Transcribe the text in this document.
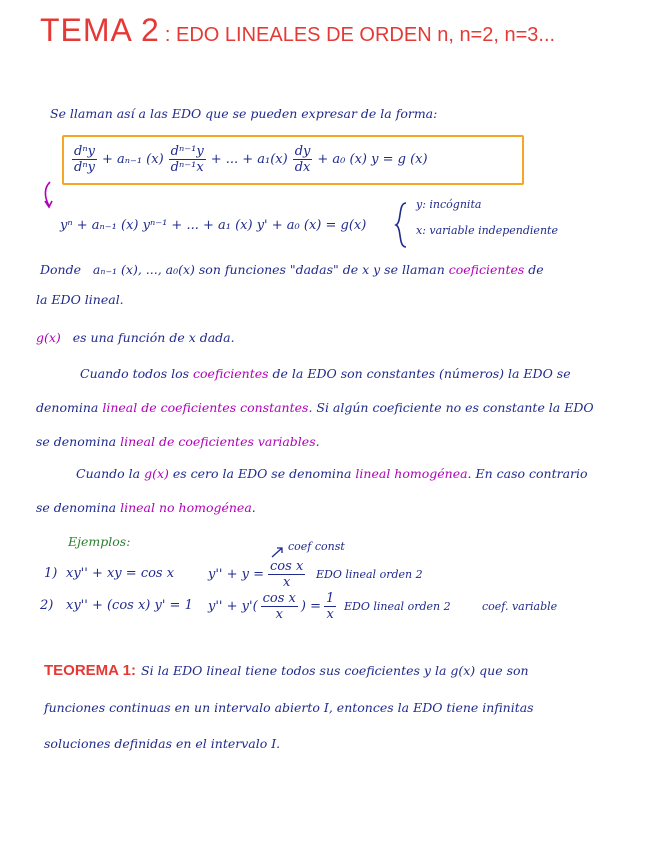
TEMA 2 : EDO LINEALES DE ORDEN n, n=2, n=3...
Se llaman así a las EDO que se pueden expresar de la forma:
$\frac{\text{dⁿy}}{\text{dⁿy}} + a_{n-1}$ $(x) \frac{\text{dⁿ⁻¹y}}{\text{dⁿ⁻¹x}}$ + ... + $a_1(x) \frac{dy}{dx} + a_0$ (x) y = g (x)
yⁿ + aₙ₋₁ (x) yⁿ⁻¹ + ... + a₁ (x) y' + a₀ (x) = g(x)
y: incógnita
x: variable independiente
Donde aₙ₋₁ (x), ..., a₀(x) son funciones "dadas" de x y se llaman coeficientes de
la EDO lineal.
g(x) es una función de x dada.
Cuando todos los coeficientes de la EDO son constantes (números) la EDO se
denomina lineal de coeficientes constantes. Si algún coeficiente no es constante la EDO
se denomina lineal de coeficientes variables.
Cuando la g(x) es cero la EDO se denomina lineal homogénea. En caso contrario
se denomina lineal no homogénea.
Ejemplos:	coef const
1) xy'' + xy = cos x	$y'' + y = \frac{\text{cos x}}{x}$ EDO lineal orden 2
2) xy'' + (cos x) y' = 1 $y'' + y'( \frac{\text{cos x}}{x}$ ) = $\frac{1}{x}$ EDO lineal orden 2	coef. variable
TEOREMA 1: Si la EDO lineal tiene todos sus coeficientes y la g(x) que son
funciones continuas en un intervalo abierto I, entonces la EDO tiene infinitas
soluciones definidas en el intervalo I.
